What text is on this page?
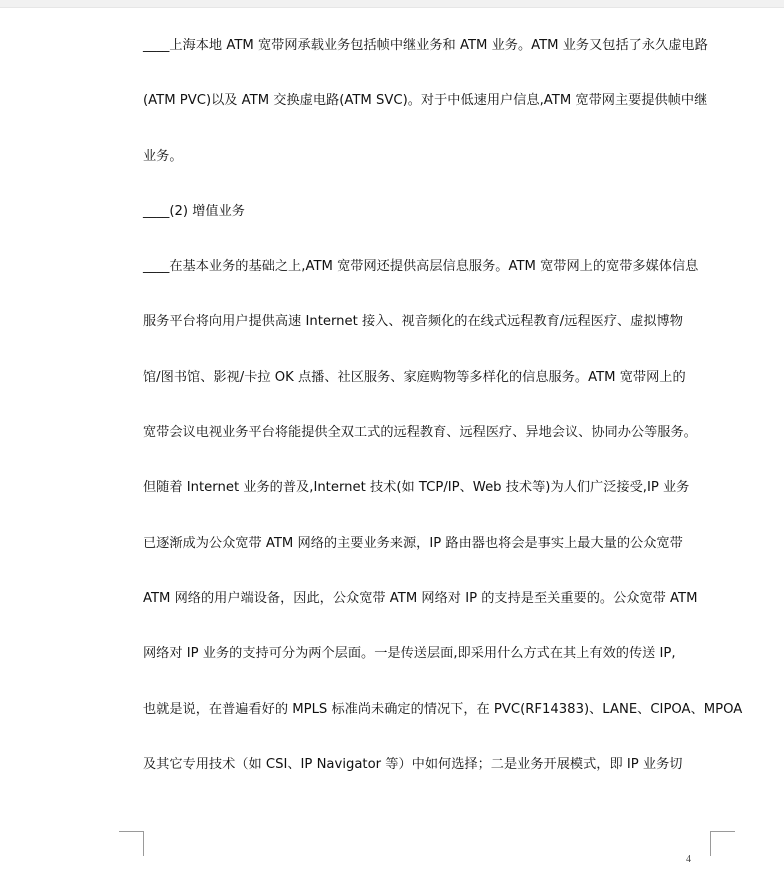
____上海本地 ATM 宽带网承载业务包括帧中继业务和 ATM 业务。ATM 业务又包括了永久虚电路
(ATM PVC)以及 ATM 交换虚电路(ATM SVC)。对于中低速用户信息,ATM 宽带网主要提供帧中继
业务。
____(2) 增值业务
____在基本业务的基础之上,ATM 宽带网还提供高层信息服务。ATM 宽带网上的宽带多媒体信息
服务平台将向用户提供高速 Internet 接入、视音频化的在线式远程教育/远程医疗、虚拟博物
馆/图书馆、影视/卡拉 OK 点播、社区服务、家庭购物等多样化的信息服务。ATM 宽带网上的
宽带会议电视业务平台将能提供全双工式的远程教育、远程医疗、异地会议、协同办公等服务。
但随着 Internet 业务的普及,Internet 技术(如 TCP/IP、Web 技术等)为人们广泛接受,IP 业务
已逐渐成为公众宽带 ATM 网络的主要业务来源，IP 路由器也将会是事实上最大量的公众宽带
ATM 网络的用户端设备，因此，公众宽带 ATM 网络对 IP 的支持是至关重要的。公众宽带 ATM
网络对 IP 业务的支持可分为两个层面。一是传送层面,即采用什么方式在其上有效的传送 IP,
也就是说，在普遍看好的 MPLS 标准尚未确定的情况下，在 PVC(RF14383)、LANE、CIPOA、MPOA
及其它专用技术（如 CSI、IP Navigator 等）中如何选择；二是业务开展模式，即 IP 业务切
4
